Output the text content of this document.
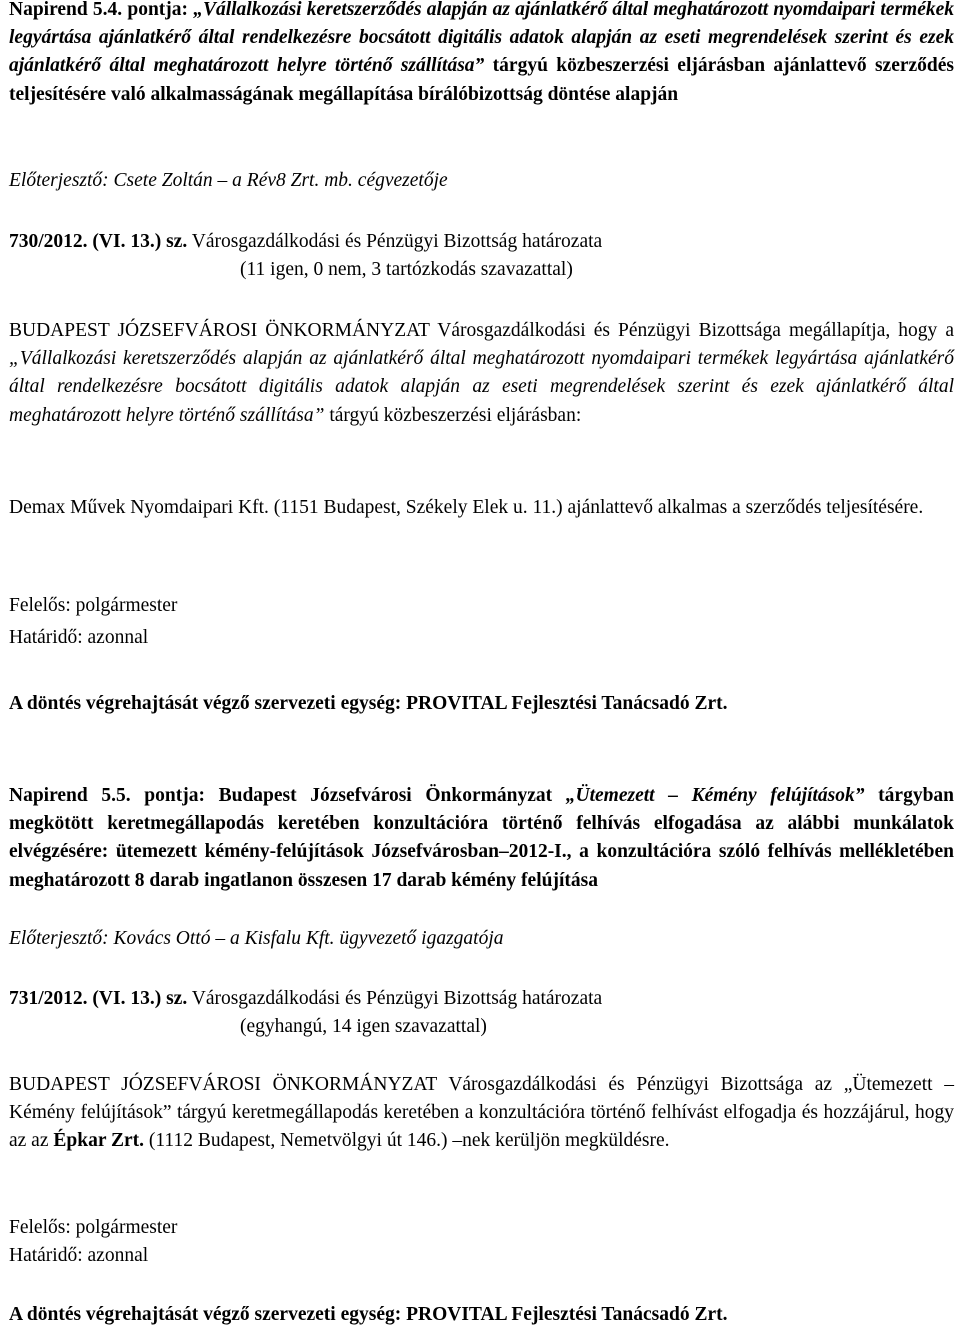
Napirend 5.4. pontja: „Vállalkozási keretszerződés alapján az ajánlatkérő által meghatározott nyomdaipari termékek legyártása ajánlatkérő által rendelkezésre bocsátott digitális adatok alapján az eseti megrendelések szerint és ezek ajánlatkérő által meghatározott helyre történő szállítása” tárgyú közbeszerzési eljárásban ajánlattevő szerződés teljesítésére való alkalmasságának megállapítása bírálóbizottság döntése alapján

Előterjesztő: Csete Zoltán – a Rév8 Zrt. mb. cégvezetője

730/2012. (VI. 13.) sz. Városgazdálkodási és Pénzügyi Bizottság határozata

(11 igen, 0 nem, 3 tartózkodás szavazattal)

BUDAPEST JÓZSEFVÁROSI ÖNKORMÁNYZAT Városgazdálkodási és Pénzügyi Bizottsága megállapítja, hogy a „Vállalkozási keretszerződés alapján az ajánlatkérő által meghatározott nyomdaipari termékek legyártása ajánlatkérő által rendelkezésre bocsátott digitális adatok alapján az eseti megrendelések szerint és ezek ajánlatkérő által meghatározott helyre történő szállítása” tárgyú közbeszerzési eljárásban:

Demax Művek Nyomdaipari Kft. (1151 Budapest, Székely Elek u. 11.) ajánlattevő alkalmas a szerződés teljesítésére.

Felelős: polgármester

Határidő: azonnal

A döntés végrehajtását végző szervezeti egység: PROVITAL Fejlesztési Tanácsadó Zrt.

Napirend 5.5. pontja: Budapest Józsefvárosi Önkormányzat „Ütemezett – Kémény felújítások” tárgyban megkötött keretmegállapodás keretében konzultációra történő felhívás elfogadása az alábbi munkálatok elvégzésére: ütemezett kémény-felújítások Józsefvárosban–2012-I., a konzultációra szóló felhívás mellékletében meghatározott 8 darab ingatlanon összesen 17 darab kémény felújítása

Előterjesztő: Kovács Ottó – a Kisfalu Kft. ügyvezető igazgatója

731/2012. (VI. 13.) sz. Városgazdálkodási és Pénzügyi Bizottság határozata

(egyhangú, 14 igen szavazattal)

BUDAPEST JÓZSEFVÁROSI ÖNKORMÁNYZAT Városgazdálkodási és Pénzügyi Bizottsága az „Ütemezett – Kémény felújítások” tárgyú keretmegállapodás keretében a konzultációra történő felhívást elfogadja és hozzájárul, hogy az az Épkar Zrt. (1112 Budapest, Nemetvölgyi út 146.) –nek kerüljön megküldésre.

Felelős: polgármester

Határidő: azonnal

A döntés végrehajtását végző szervezeti egység: PROVITAL Fejlesztési Tanácsadó Zrt.
